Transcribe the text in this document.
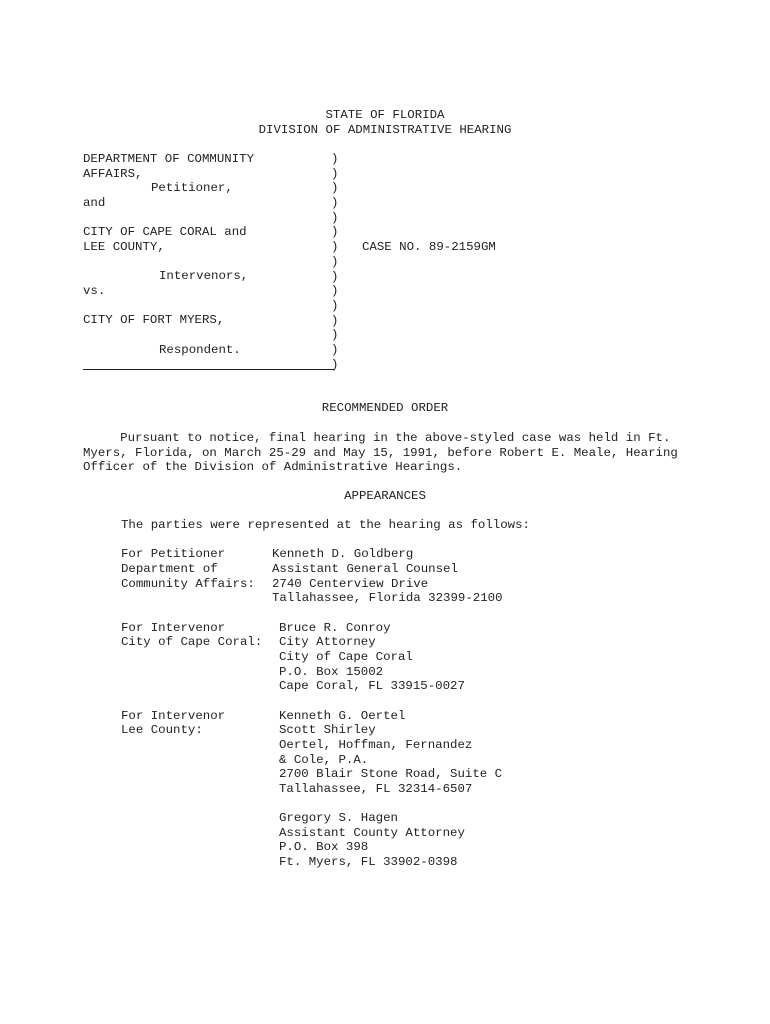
STATE OF FLORIDA
DIVISION OF ADMINISTRATIVE HEARING
DEPARTMENT OF COMMUNITY
AFFAIRS,
Petitioner,
and
CITY OF CAPE CORAL and
LEE COUNTY,
Intervenors,
vs.
CITY OF FORT MYERS,
Respondent.
)
)
)
)
)
)
)
)
)
)
)
)
)
)
)
CASE NO. 89-2159GM
RECOMMENDED ORDER
Pursuant to notice, final hearing in the above-styled case was held in Ft.
Myers, Florida, on March 25-29 and May 15, 1991, before Robert E. Meale, Hearing
Officer of the Division of Administrative Hearings.
APPEARANCES
The parties were represented at the hearing as follows:
For Petitioner
Department of
Community Affairs:
Kenneth D. Goldberg
Assistant General Counsel
2740 Centerview Drive
Tallahassee, Florida 32399-2100
For Intervenor
City of Cape Coral:
Bruce R. Conroy
City Attorney
City of Cape Coral
P.O. Box 15002
Cape Coral, FL 33915-0027
For Intervenor
Lee County:
Kenneth G. Oertel
Scott Shirley
Oertel, Hoffman, Fernandez
& Cole, P.A.
2700 Blair Stone Road, Suite C
Tallahassee, FL 32314-6507
Gregory S. Hagen
Assistant County Attorney
P.O. Box 398
Ft. Myers, FL 33902-0398
